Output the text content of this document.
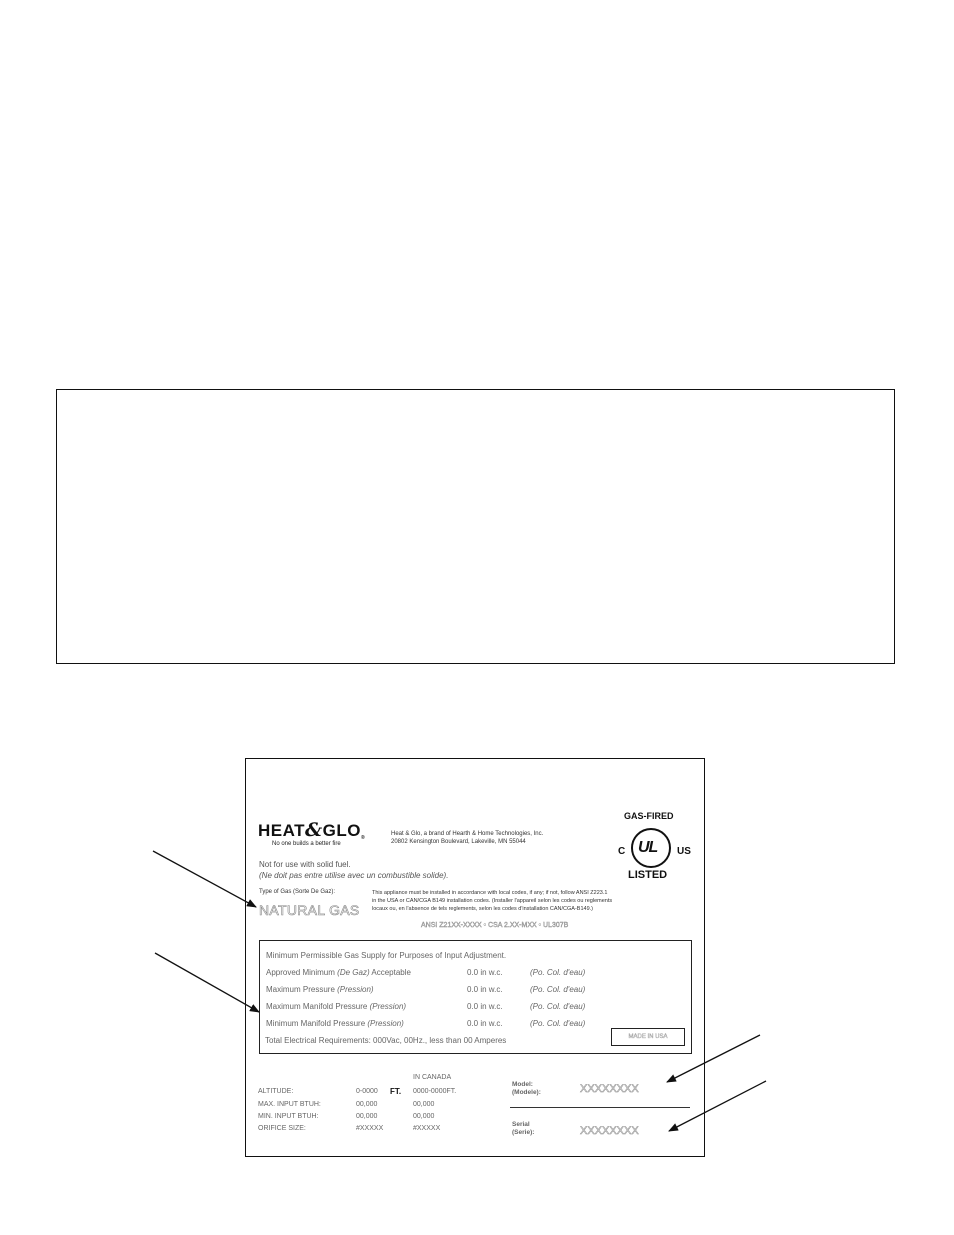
HEAT&GLO®
No one builds a better fire
Heat & Glo, a brand of Hearth & Home Technologies, Inc.
20802 Kensington Boulevard, Lakeville, MN 55044
GAS-FIRED
C UL US
LISTED
Not for use with solid fuel.
(Ne doit pas entre utilise avec un combustible solide).
Type of Gas (Sorte De Gaz):
NATURAL GAS
This appliance must be installed in accordance with local codes, if any; if not, follow ANSI Z223.1
in the USA or CAN/CGA B149 installation codes. (Installer l'appareil selon les codes ou reglements
locaux ou, en l'absence de tels reglements, selon les codes d'installation CAN/CGA-B149.)
ANSI Z21XX-XXXX • CSA 2.XX-MXX • UL307B
Minimum Permissible Gas Supply for Purposes of Input Adjustment.
Approved Minimum (De Gaz) Acceptable	0.0 in w.c.	(Po. Col. d'eau)
Maximum Pressure (Pression)	0.0 in w.c.	(Po. Col. d'eau)
Maximum Manifold Pressure (Pression)	0.0 in w.c.	(Po. Col. d'eau)
Minimum Manifold Pressure (Pression)	0.0 in w.c.	(Po. Col. d'eau)
Total Electrical Requirements: 000Vac, 00Hz., less than 00 Amperes	MADE IN USA
IN CANADA
FT.
ALTITUDE:	0-0000	0000-0000FT.
MAX. INPUT BTUH:	00,000	00,000
MIN. INPUT BTUH:	00,000	00,000
ORIFICE SIZE:	#XXXXX	#XXXXX
Model:
(Modele):	XXXXXXXX
Serial
(Serie):	XXXXXXXX
